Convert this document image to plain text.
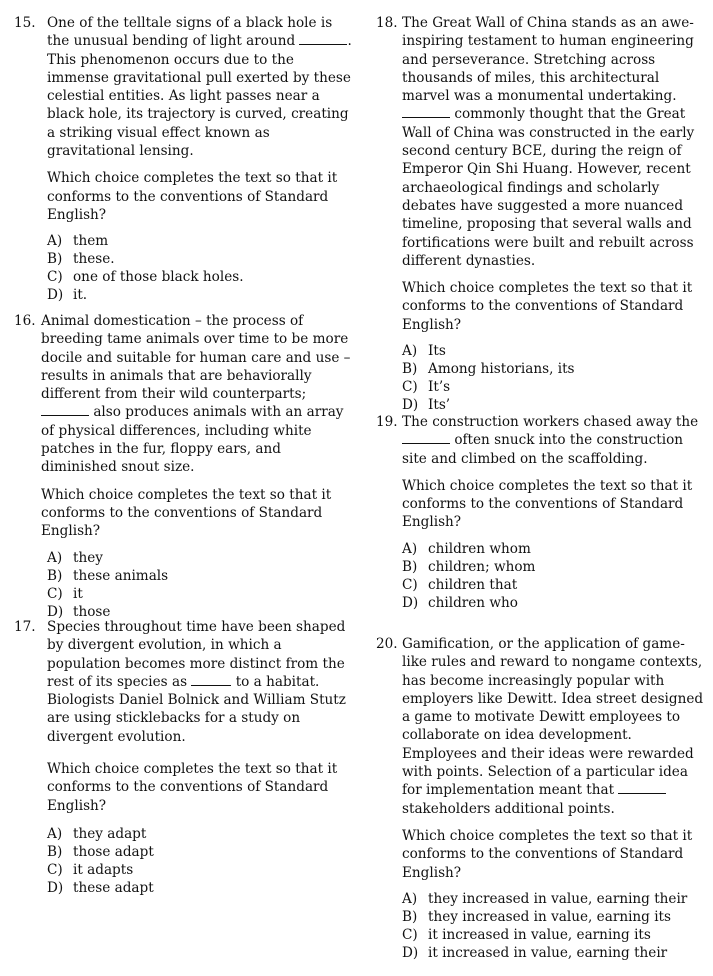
15. One of the telltale signs of a black hole is the unusual bending of light around	. This phenomenon occurs due to the immense gravitational pull exerted by these celestial entities. As light passes near a black hole, its trajectory is curved, creating a striking visual effect known as gravitational lensing.

Which choice completes the text so that it conforms to the conventions of Standard English?

A) them
B) these.
C) one of those black holes.
D) it.
16. Animal domestication – the process of breeding tame animals over time to be more docile and suitable for human care and use – results in animals that are behaviorally different from their wild counterparts; also produces animals with an array of physical differences, including white patches in the fur, floppy ears, and diminished snout size.

Which choice completes the text so that it conforms to the conventions of Standard English?

A) they
B) these animals
C) it
D) those
17. Species throughout time have been shaped by divergent evolution, in which a population becomes more distinct from the rest of its species as	to a habitat. Biologists Daniel Bolnick and William Stutz are using sticklebacks for a study on divergent evolution.

Which choice completes the text so that it conforms to the conventions of Standard English?

A) they adapt
B) those adapt
C) it adapts
D) these adapt
18. The Great Wall of China stands as an awe-inspiring testament to human engineering and perseverance. Stretching across thousands of miles, this architectural marvel was a monumental undertaking.  commonly thought that the Great Wall of China was constructed in the early second century BCE, during the reign of Emperor Qin Shi Huang. However, recent archaeological findings and scholarly debates have suggested a more nuanced timeline, proposing that several walls and fortifications were built and rebuilt across different dynasties.

Which choice completes the text so that it conforms to the conventions of Standard English?

A) Its
B) Among historians, its
C) It’s
D) Its’
19. The construction workers chased away the  often snuck into the construction site and climbed on the scaffolding.

Which choice completes the text so that it conforms to the conventions of Standard English?

A) children whom
B) children; whom
C) children that
D) children who
20. Gamification, or the application of game-like rules and reward to nongame contexts, has become increasingly popular with employers like Dewitt. Idea street designed a game to motivate Dewitt employees to collaborate on idea development. Employees and their ideas were rewarded with points. Selection of a particular idea for implementation meant that  stakeholders additional points.

Which choice completes the text so that it conforms to the conventions of Standard English?

A) they increased in value, earning their
B) they increased in value, earning its
C) it increased in value, earning its
D) it increased in value, earning their
